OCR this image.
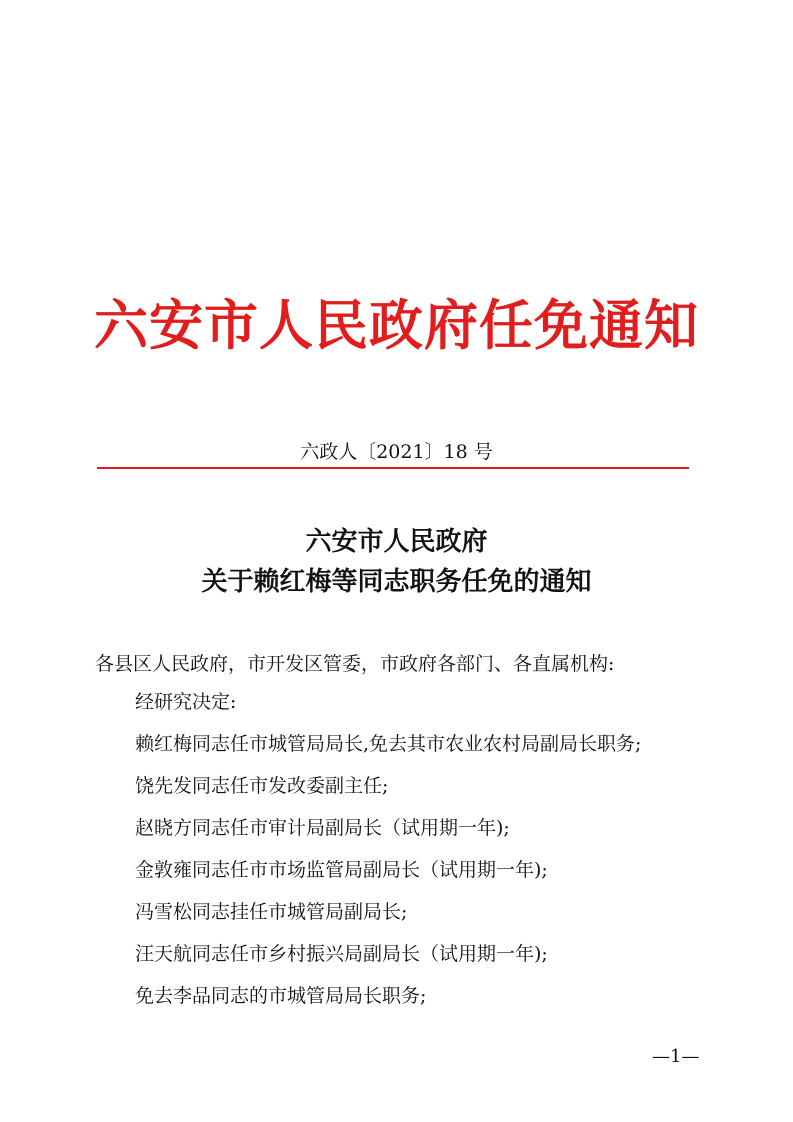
六安市人民政府任免通知
六政人〔2021〕18 号
六安市人民政府
关于赖红梅等同志职务任免的通知
各县区人民政府，市开发区管委，市政府各部门、各直属机构:
经研究决定:
赖红梅同志任市城管局局长,免去其市农业农村局副局长职务;
饶先发同志任市发改委副主任;
赵晓方同志任市审计局副局长（试用期一年);
金敦雍同志任市市场监管局副局长（试用期一年);
冯雪松同志挂任市城管局副局长;
汪天航同志任市乡村振兴局副局长（试用期一年);
免去李品同志的市城管局局长职务;
—1—
